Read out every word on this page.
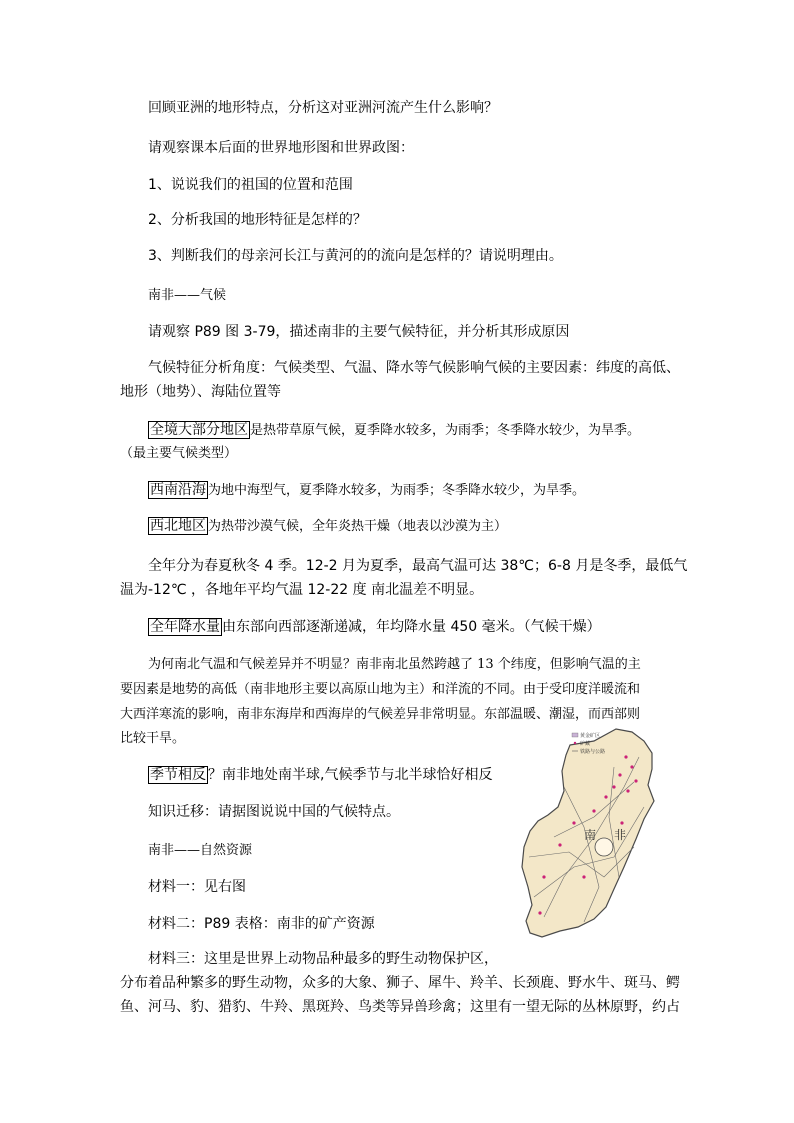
回顾亚洲的地形特点，分析这对亚洲河流产生什么影响？
请观察课本后面的世界地形图和世界政图：
1、说说我们的祖国的位置和范围
2、分析我国的地形特征是怎样的？
3、判断我们的母亲河长江与黄河的的流向是怎样的？请说明理由。
南非——气候
请观察 P89 图 3-79，描述南非的主要气候特征，并分析其形成原因
气候特征分析角度：气候类型、气温、降水等气候影响气候的主要因素：纬度的高低、
地形（地势）、海陆位置等
全境大部分地区 是热带草原气候，夏季降水较多，为雨季；冬季降水较少，为旱季。
（最主要气候类型）
西南沿海 为地中海型气，夏季降水较多，为雨季；冬季降水较少，为旱季。
西北地区 为热带沙漠气候，全年炎热干燥（地表以沙漠为主）
全年分为春夏秋冬 4 季。12-2 月为夏季，最高气温可达 38℃；6-8 月是冬季，最低气
温为-12℃ ，各地年平均气温 12-22 度 南北温差不明显。
全年降水量 由东部向西部逐渐递减，年均降水量 450 毫米。（气候干燥）
为何南北气温和气候差异并不明显？南非南北虽然跨越了 13 个纬度，但影响气温的主
要因素是地势的高低（南非地形主要以高原山地为主）和洋流的不同。由于受印度洋暖流和
大西洋寒流的影响，南非东海岸和西海岸的气候差异非常明显。东部温暖、潮湿，而西部则
比较干旱。
季节相反 ？南非地处南半球,气候季节与北半球恰好相反
知识迁移：请据图说说中国的气候特点。
南非——自然资源
材料一：见右图
材料二：P89 表格：南非的矿产资源
材料三：这里是世界上动物品种最多的野生动物保护区，
分布着品种繁多的野生动物，众多的大象、狮子、犀牛、羚羊、长颈鹿、野水牛、斑马、鳄
鱼、河马、豹、猎豹、牛羚、黑斑羚、鸟类等异兽珍禽；这里有一望无际的丛林原野，约占
黄金矿区
矿藏
铁路与公路
南 非
